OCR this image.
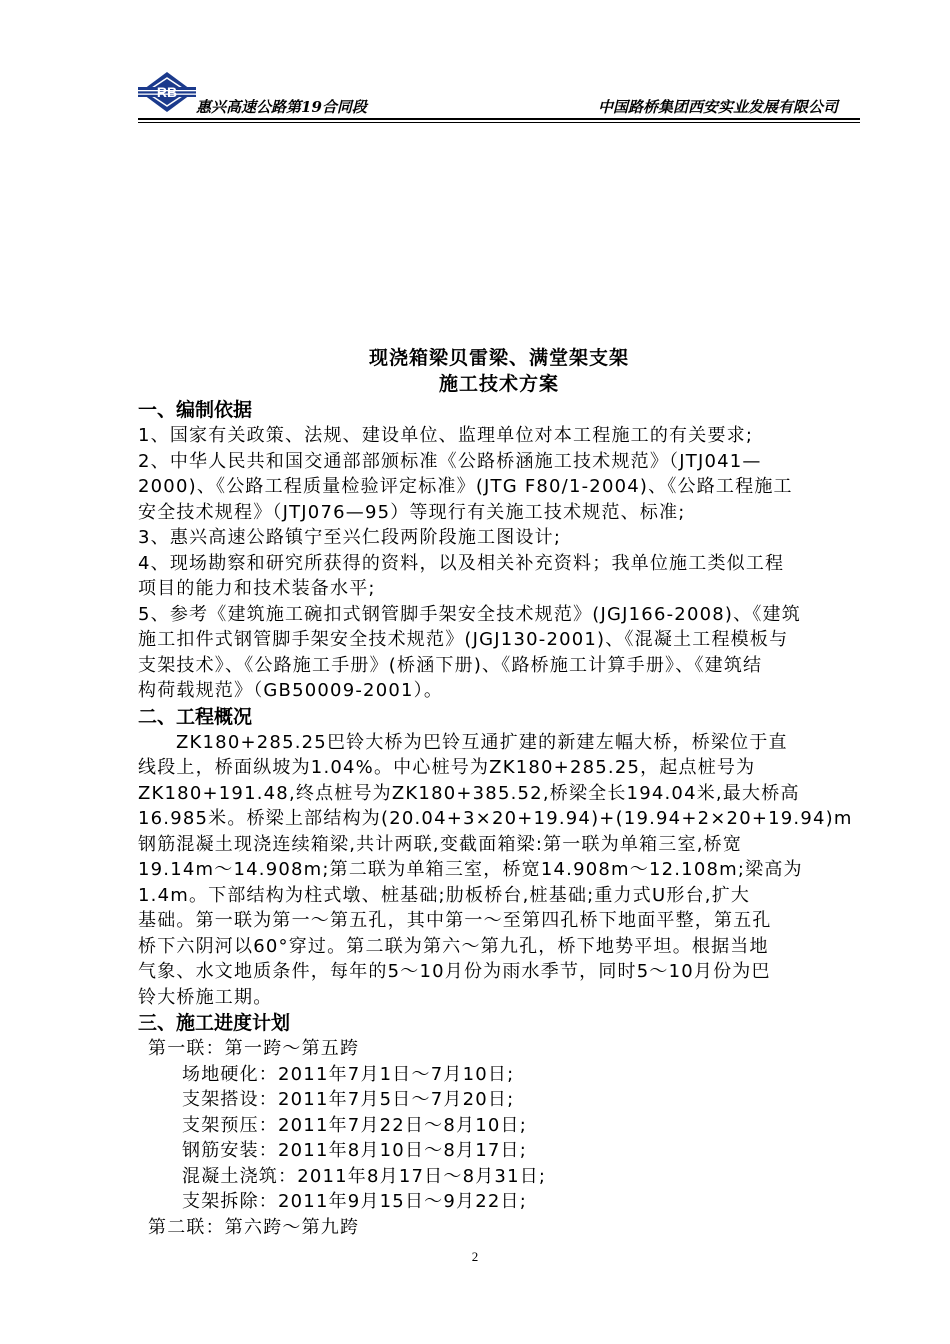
RB
惠兴高速公路第19合同段	中国路桥集团西安实业发展有限公司
现浇箱梁贝雷梁、满堂架支架
施工技术方案
一、编制依据
1、国家有关政策、法规、建设单位、监理单位对本工程施工的有关要求;
2、中华人民共和国交通部部颁标准《公路桥涵施工技术规范》（JTJ041—
2000)、《公路工程质量检验评定标准》(JTG F80/1-2004)、《公路工程施工
安全技术规程》（JTJ076—95）等现行有关施工技术规范、标准;
3、惠兴高速公路镇宁至兴仁段两阶段施工图设计;
4、现场勘察和研究所获得的资料，以及相关补充资料；我单位施工类似工程
项目的能力和技术装备水平;
5、参考《建筑施工碗扣式钢管脚手架安全技术规范》(JGJ166-2008)、《建筑
施工扣件式钢管脚手架安全技术规范》(JGJ130-2001)、《混凝土工程模板与
支架技术》、《公路施工手册》(桥涵下册)、《路桥施工计算手册》、《建筑结
构荷载规范》（GB50009-2001）。
二、工程概况
ZK180+285.25巴铃大桥为巴铃互通扩建的新建左幅大桥，桥梁位于直
线段上，桥面纵坡为1.04%。中心桩号为ZK180+285.25，起点桩号为
ZK180+191.48,终点桩号为ZK180+385.52,桥梁全长194.04米,最大桥高
16.985米。桥梁上部结构为(20.04+3×20+19.94)+(19.94+2×20+19.94)m
钢筋混凝土现浇连续箱梁,共计两联,变截面箱梁:第一联为单箱三室,桥宽
19.14m～14.908m;第二联为单箱三室，桥宽14.908m～12.108m;梁高为
1.4m。下部结构为柱式墩、桩基础;肋板桥台,桩基础;重力式U形台,扩大
基础。第一联为第一～第五孔，其中第一～至第四孔桥下地面平整，第五孔
桥下六阴河以60°穿过。第二联为第六～第九孔，桥下地势平坦。根据当地
气象、水文地质条件，每年的5～10月份为雨水季节，同时5～10月份为巴
铃大桥施工期。
三、施工进度计划
第一联：第一跨～第五跨
场地硬化：2011年7月1日～7月10日;
支架搭设：2011年7月5日～7月20日;
支架预压：2011年7月22日～8月10日;
钢筋安装：2011年8月10日～8月17日;
混凝土浇筑：2011年8月17日～8月31日;
支架拆除：2011年9月15日～9月22日;
第二联：第六跨～第九跨
2
